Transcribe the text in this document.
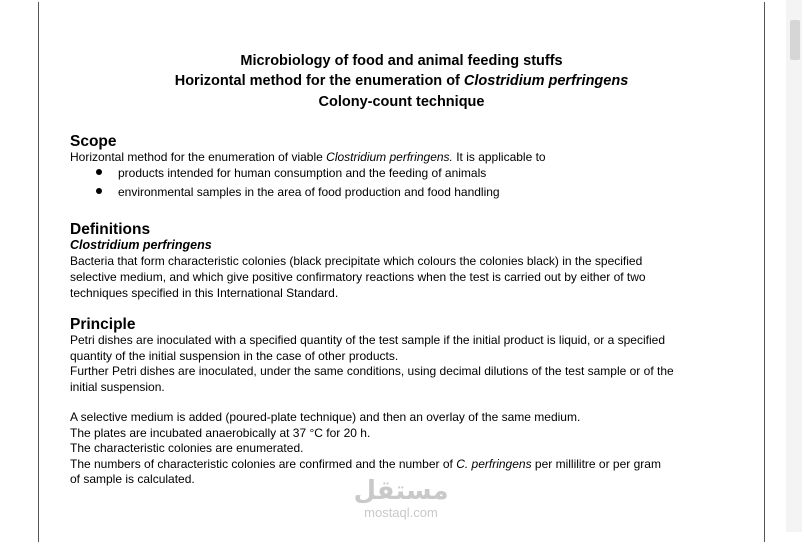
Microbiology of food and animal feeding stuffs
Horizontal method for the enumeration of Clostridium perfringens
Colony-count technique
Scope
Horizontal method for the enumeration of viable Clostridium perfringens. It is applicable to
products intended for human consumption and the feeding of animals
environmental samples in the area of food production and food handling
Definitions
Clostridium perfringens
Bacteria that form characteristic colonies (black precipitate which colours the colonies black) in the specified
selective medium, and which give positive confirmatory reactions when the test is carried out by either of two
techniques specified in this International Standard.
Principle
Petri dishes are inoculated with a specified quantity of the test sample if the initial product is liquid, or a specified
quantity of the initial suspension in the case of other products.
Further Petri dishes are inoculated, under the same conditions, using decimal dilutions of the test sample or of the
initial suspension.
A selective medium is added (poured-plate technique) and then an overlay of the same medium.
The plates are incubated anaerobically at 37 °C for 20 h.
The characteristic colonies are enumerated.
The numbers of characteristic colonies are confirmed and the number of C. perfringens per millilitre or per gram
of sample is calculated.	مستقل
mostaql.com
